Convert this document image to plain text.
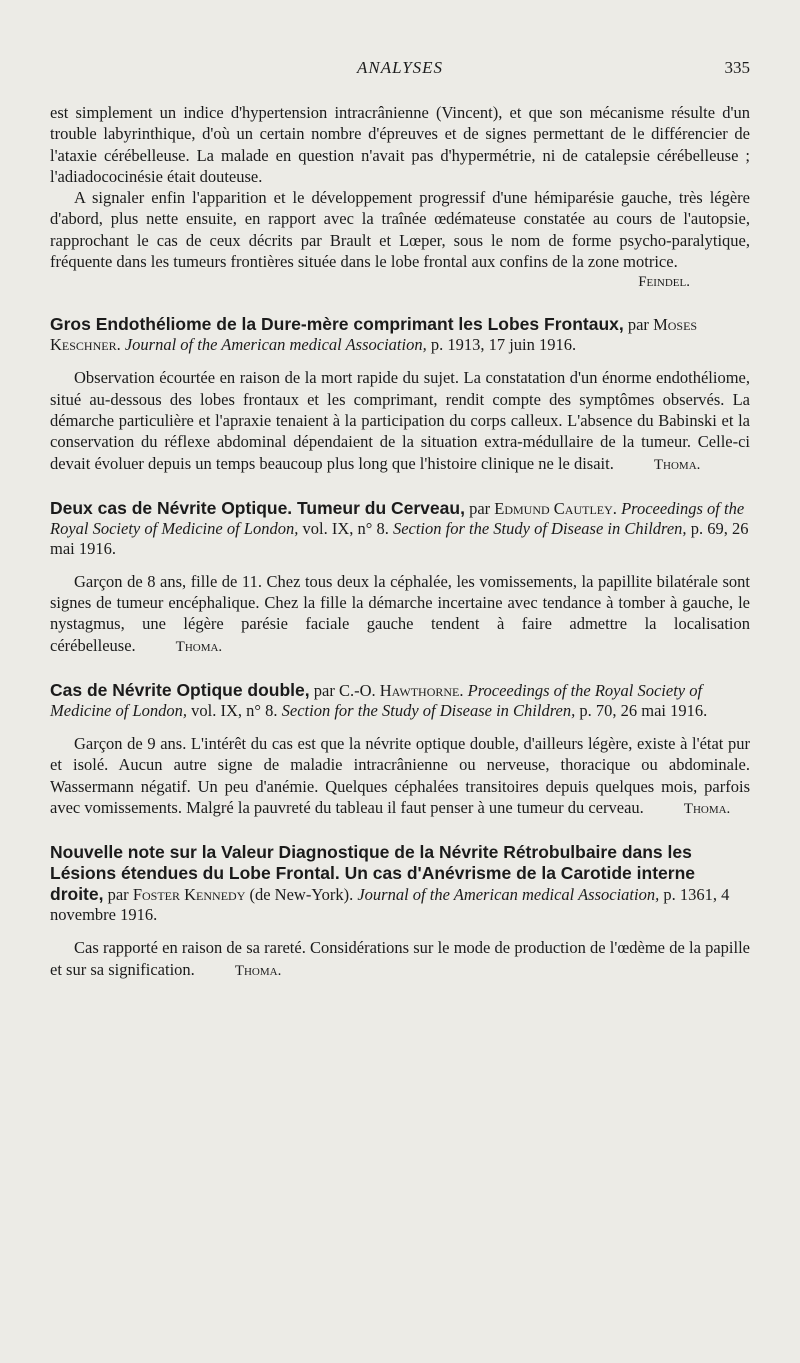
ANALYSES	335

est simplement un indice d'hypertension intracrânienne (Vincent), et que son mécanisme résulte d'un trouble labyrinthique, d'où un certain nombre d'épreuves et de signes permettant de le différencier de l'ataxie cérébelleuse. La malade en question n'avait pas d'hypermétrie, ni de catalepsie cérébelleuse ; l'adiadococinésie était douteuse.

A signaler enfin l'apparition et le développement progressif d'une hémiparésie gauche, très légère d'abord, plus nette ensuite, en rapport avec la traînée œdémateuse constatée au cours de l'autopsie, rapprochant le cas de ceux décrits par Brault et Lœper, sous le nom de forme psycho-paralytique, fréquente dans les tumeurs frontières située dans le lobe frontal aux confins de la zone motrice.

Feindel.

Gros Endothéliome de la Dure-mère comprimant les Lobes Frontaux, par Moses Keschner. Journal of the American medical Association, p. 1913, 17 juin 1916.

Observation écourtée en raison de la mort rapide du sujet. La constatation d'un énorme endothéliome, situé au-dessous des lobes frontaux et les comprimant, rendit compte des symptômes observés. La démarche particulière et l'apraxie tenaient à la participation du corps calleux. L'absence du Babinski et la conservation du réflexe abdominal dépendaient de la situation extra-médullaire de la tumeur. Celle-ci devait évoluer depuis un temps beaucoup plus long que l'histoire clinique ne le disait.	Thoma.

Deux cas de Névrite Optique. Tumeur du Cerveau, par Edmund Cautley. Proceedings of the Royal Society of Medicine of London, vol. IX, n° 8. Section for the Study of Disease in Children, p. 69, 26 mai 1916.

Garçon de 8 ans, fille de 11. Chez tous deux la céphalée, les vomissements, la papillite bilatérale sont signes de tumeur encéphalique. Chez la fille la démarche incertaine avec tendance à tomber à gauche, le nystagmus, une légère parésie faciale gauche tendent à faire admettre la localisation cérébelleuse.	Thoma.

Cas de Névrite Optique double, par C.-O. Hawthorne. Proceedings of the Royal Society of Medicine of London, vol. IX, n° 8. Section for the Study of Disease in Children, p. 70, 26 mai 1916.

Garçon de 9 ans. L'intérêt du cas est que la névrite optique double, d'ailleurs légère, existe à l'état pur et isolé. Aucun autre signe de maladie intracrânienne ou nerveuse, thoracique ou abdominale. Wassermann négatif. Un peu d'anémie. Quelques céphalées transitoires depuis quelques mois, parfois avec vomissements. Malgré la pauvreté du tableau il faut penser à une tumeur du cerveau.	Thoma.

Nouvelle note sur la Valeur Diagnostique de la Névrite Rétrobulbaire dans les Lésions étendues du Lobe Frontal. Un cas d'Anévrisme de la Carotide interne droite, par Foster Kennedy (de New-York). Journal of the American medical Association, p. 1361, 4 novembre 1916.

Cas rapporté en raison de sa rareté. Considérations sur le mode de production de l'œdème de la papille et sur sa signification.	Thoma.
